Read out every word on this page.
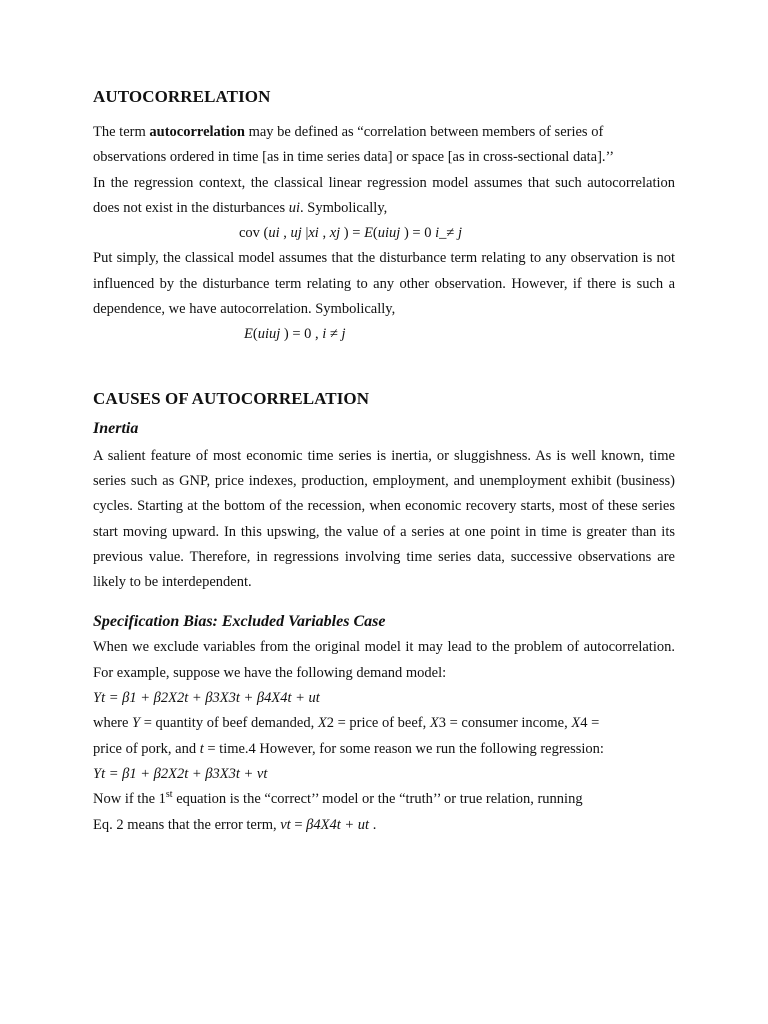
AUTOCORRELATION

The term autocorrelation may be defined as “correlation between members of series of
observations ordered in time [as in time series data] or space [as in cross-sectional data].’’

In the regression context, the classical linear regression model assumes that such autocorrelation does not exist in the disturbances ui. Symbolically,

cov (ui , uj |xi , xj ) = E(uiuj ) = 0 i_≠ j

Put simply, the classical model assumes that the disturbance term relating to any observation is not influenced by the disturbance term relating to any other observation. However, if there is such a dependence, we have autocorrelation. Symbolically,

E(uiuj ) = 0 , i ≠ j

CAUSES OF AUTOCORRELATION
Inertia

A salient feature of most economic time series is inertia, or sluggishness. As is well known, time series such as GNP, price indexes, production, employment, and unemployment exhibit (business) cycles. Starting at the bottom of the recession, when economic recovery starts, most of these series start moving upward. In this upswing, the value of a series at one point in time is greater than its previous value. Therefore, in regressions involving time series data, successive observations are likely to be interdependent.

Specification Bias: Excluded Variables Case

When we exclude variables from the original model it may lead to the problem of autocorrelation. For example, suppose we have the following demand model:

Yt = β1 + β2X2t + β3X3t + β4X4t + ut

where Y = quantity of beef demanded, X2 = price of beef, X3 = consumer income, X4 =

price of pork, and t = time.4 However, for some reason we run the following regression:

Yt = β1 + β2X2t + β3X3t + vt

Now if the 1st equation is the “correct’’ model or the “truth’’ or true relation, running

Eq. 2 means that the error term, vt = β4X4t + ut .
